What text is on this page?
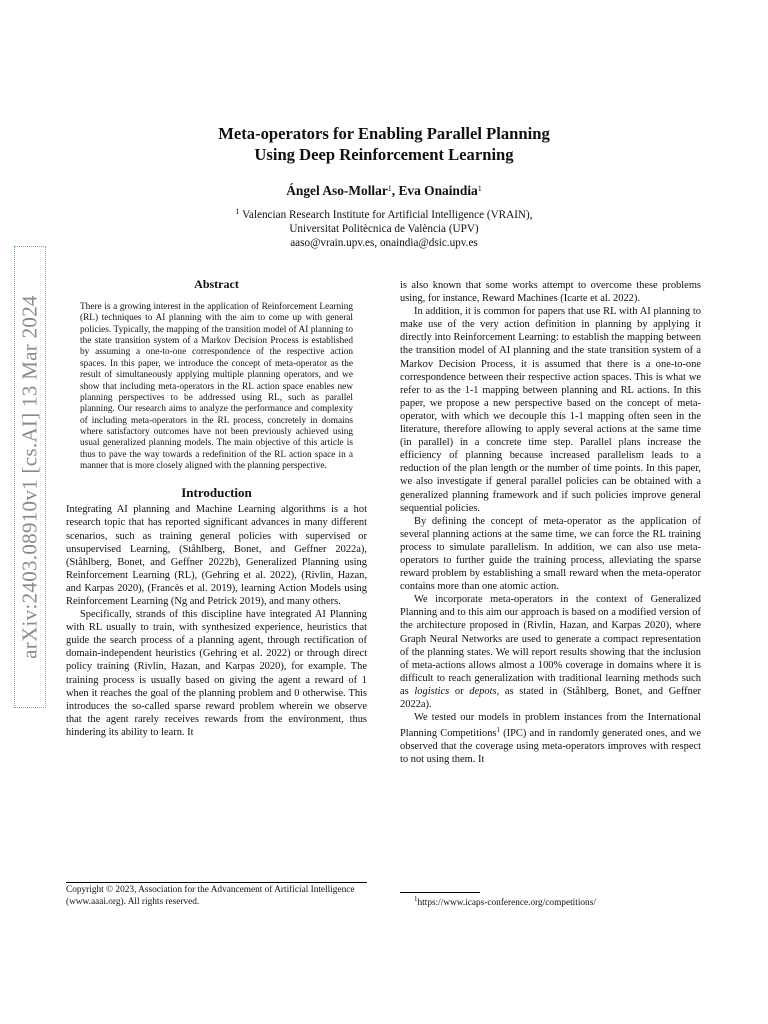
arXiv:2403.08910v1 [cs.AI] 13 Mar 2024
Meta-operators for Enabling Parallel Planning
Using Deep Reinforcement Learning
Ángel Aso-Mollar$^1$, Eva Onaindia$^1$
$^1$ Valencian Research Institute for Artificial Intelligence (VRAIN),
Universitat Politècnica de València (UPV)
aaso@vrain.upv.es, onaindia@dsic.upv.es
Abstract

There is a growing interest in the application of Reinforcement Learning (RL) techniques to AI planning with the aim to come up with general policies. Typically, the mapping of the transition model of AI planning to the state transition system of a Markov Decision Process is established by assuming a one-to-one correspondence of the respective action spaces. In this paper, we introduce the concept of meta-operator as the result of simultaneously applying multiple planning operators, and we show that including meta-operators in the RL action space enables new planning perspectives to be addressed using RL, such as parallel planning. Our research aims to analyze the performance and complexity of including meta-operators in the RL process, concretely in domains where satisfactory outcomes have not been previously achieved using usual generalized planning models. The main objective of this article is thus to pave the way towards a redefinition of the RL action space in a manner that is more closely aligned with the planning perspective.

Introduction

Integrating AI planning and Machine Learning algorithms is a hot research topic that has reported significant advances in many different scenarios, such as training general policies with supervised or unsupervised Learning, (Ståhlberg, Bonet, and Geffner 2022a), (Ståhlberg, Bonet, and Geffner 2022b), Generalized Planning using Reinforcement Learning (RL), (Gehring et al. 2022), (Rivlin, Hazan, and Karpas 2020), (Francès et al. 2019), learning Action Models using Reinforcement Learning (Ng and Petrick 2019), and many others.

Specifically, strands of this discipline have integrated AI Planning with RL usually to train, with synthesized experience, heuristics that guide the search process of a planning agent, through rectification of domain-independent heuristics (Gehring et al. 2022) or through direct policy training (Rivlin, Hazan, and Karpas 2020), for example. The training process is usually based on giving the agent a reward of 1 when it reaches the goal of the planning problem and 0 otherwise. This introduces the so-called sparse reward problem wherein we observe that the agent rarely receives rewards from the environment, thus hindering its ability to learn. It

is also known that some works attempt to overcome these problems using, for instance, Reward Machines (Icarte et al. 2022).

In addition, it is common for papers that use RL with AI planning to make use of the very action definition in planning by applying it directly into Reinforcement Learning: to establish the mapping between the transition model of AI planning and the state transition system of a Markov Decision Process, it is assumed that there is a one-to-one correspondence between their respective action spaces. This is what we refer to as the 1-1 mapping between planning and RL actions. In this paper, we propose a new perspective based on the concept of meta-operator, with which we decouple this 1-1 mapping often seen in the literature, therefore allowing to apply several actions at the same time (in parallel) in a concrete time step. Parallel plans increase the efficiency of planning because increased parallelism leads to a reduction of the plan length or the number of time points. In this paper, we also investigate if general parallel policies can be obtained with a generalized planning framework and if such policies improve general sequential policies.

By defining the concept of meta-operator as the application of several planning actions at the same time, we can force the RL training process to simulate parallelism. In addition, we can also use meta-operators to further guide the training process, alleviating the sparse reward problem by establishing a small reward when the meta-operator contains more than one atomic action.

We incorporate meta-operators in the context of Generalized Planning and to this aim our approach is based on a modified version of the architecture proposed in (Rivlin, Hazan, and Karpas 2020), where Graph Neural Networks are used to generate a compact representation of the planning states. We will report results showing that the inclusion of meta-actions allows almost a 100% coverage in domains where it is difficult to reach generalization with traditional learning methods such as logistics or depots, as stated in (Ståhlberg, Bonet, and Geffner 2022a).

We tested our models in problem instances from the International Planning Competitions$^1$ (IPC) and in randomly generated ones, and we observed that the coverage using meta-operators improves with respect to not using them. It

Copyright © 2023, Association for the Advancement of Artificial Intelligence (www.aaai.org). All rights reserved.	$^1$https://www.icaps-conference.org/competitions/
